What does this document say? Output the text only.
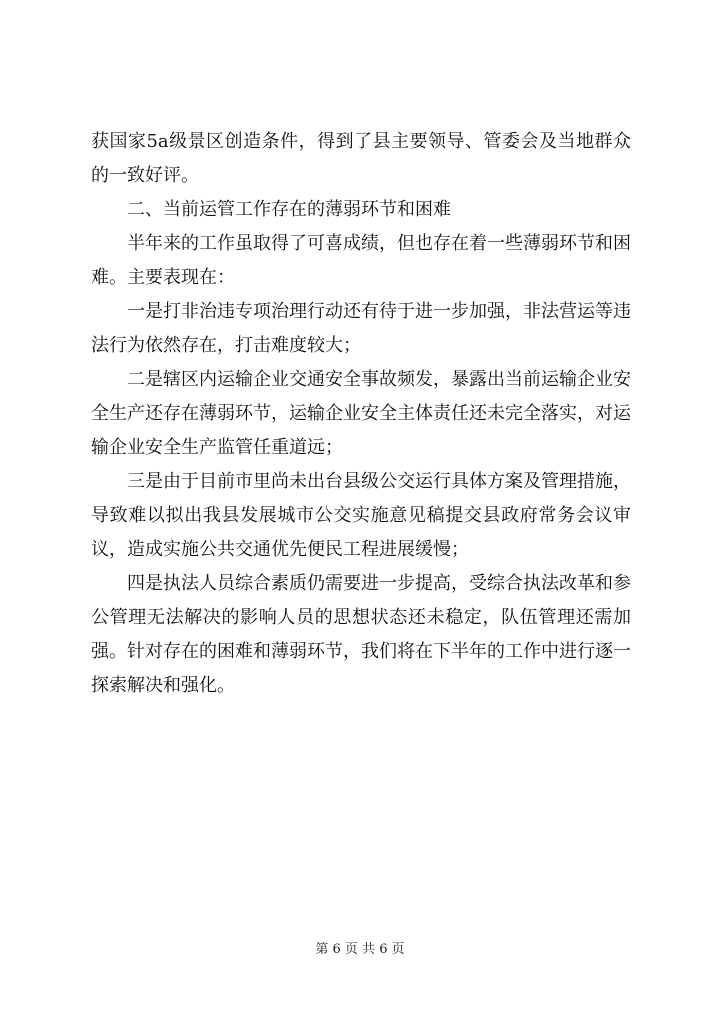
获国家5a级景区创造条件，得到了县主要领导、管委会及当地群众的一致好评。

二、当前运管工作存在的薄弱环节和困难

半年来的工作虽取得了可喜成绩，但也存在着一些薄弱环节和困难。主要表现在：

一是打非治违专项治理行动还有待于进一步加强，非法营运等违法行为依然存在，打击难度较大；

二是辖区内运输企业交通安全事故频发，暴露出当前运输企业安全生产还存在薄弱环节，运输企业安全主体责任还未完全落实，对运输企业安全生产监管任重道远；

三是由于目前市里尚未出台县级公交运行具体方案及管理措施，导致难以拟出我县发展城市公交实施意见稿提交县政府常务会议审议，造成实施公共交通优先便民工程进展缓慢；

四是执法人员综合素质仍需要进一步提高，受综合执法改革和参公管理无法解决的影响人员的思想状态还未稳定，队伍管理还需加强。针对存在的困难和薄弱环节，我们将在下半年的工作中进行逐一探索解决和强化。

第 6 页 共 6 页
